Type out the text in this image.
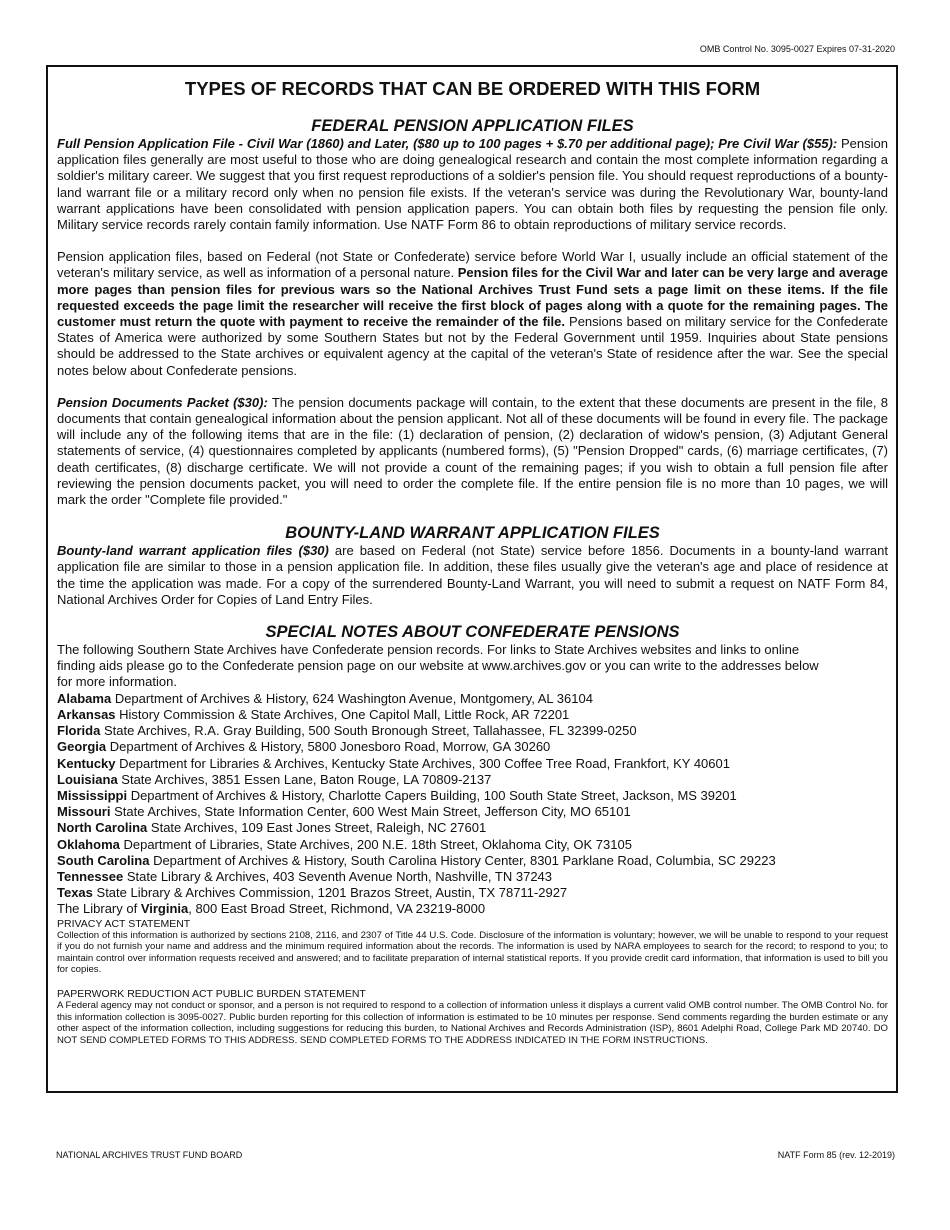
OMB Control No. 3095-0027 Expires 07-31-2020
TYPES OF RECORDS THAT CAN BE ORDERED WITH THIS FORM
FEDERAL PENSION APPLICATION FILES

Full Pension Application File - Civil War (1860) and Later, ($80 up to 100 pages + $.70 per additional page); Pre Civil War ($55): Pension application files generally are most useful to those who are doing genealogical research and contain the most complete information regarding a soldier's military career. We suggest that you first request reproductions of a soldier's pension file. You should request reproductions of a bounty-land warrant file or a military record only when no pension file exists. If the veteran's service was during the Revolutionary War, bounty-land warrant applications have been consolidated with pension application papers. You can obtain both files by requesting the pension file only. Military service records rarely contain family information. Use NATF Form 86 to obtain reproductions of military service records.

Pension application files, based on Federal (not State or Confederate) service before World War I, usually include an official statement of the veteran's military service, as well as information of a personal nature. Pension files for the Civil War and later can be very large and average more pages than pension files for previous wars so the National Archives Trust Fund sets a page limit on these items. If the file requested exceeds the page limit the researcher will receive the first block of pages along with a quote for the remaining pages. The customer must return the quote with payment to receive the remainder of the file. Pensions based on military service for the Confederate States of America were authorized by some Southern States but not by the Federal Government until 1959. Inquiries about State pensions should be addressed to the State archives or equivalent agency at the capital of the veteran's State of residence after the war. See the special notes below about Confederate pensions.

Pension Documents Packet ($30): The pension documents package will contain, to the extent that these documents are present in the file, 8 documents that contain genealogical information about the pension applicant. Not all of these documents will be found in every file. The package will include any of the following items that are in the file: (1) declaration of pension, (2) declaration of widow's pension, (3) Adjutant General statements of service, (4) questionnaires completed by applicants (numbered forms), (5) "Pension Dropped" cards, (6) marriage certificates, (7) death certificates, (8) discharge certificate. We will not provide a count of the remaining pages; if you wish to obtain a full pension file after reviewing the pension documents packet, you will need to order the complete file. If the entire pension file is no more than 10 pages, we will mark the order "Complete file provided."

BOUNTY-LAND WARRANT APPLICATION FILES

Bounty-land warrant application files ($30) are based on Federal (not State) service before 1856. Documents in a bounty-land warrant application file are similar to those in a pension application file. In addition, these files usually give the veteran's age and place of residence at the time the application was made. For a copy of the surrendered Bounty-Land Warrant, you will need to submit a request on NATF Form 84, National Archives Order for Copies of Land Entry Files.

SPECIAL NOTES ABOUT CONFEDERATE PENSIONS
The following Southern State Archives have Confederate pension records. For links to State Archives websites and links to online
finding aids please go to the Confederate pension page on our website at www.archives.gov or you can write to the addresses below
for more information.
Alabama Department of Archives & History, 624 Washington Avenue, Montgomery, AL 36104
Arkansas History Commission & State Archives, One Capitol Mall, Little Rock, AR 72201
Florida State Archives, R.A. Gray Building, 500 South Bronough Street, Tallahassee, FL 32399-0250
Georgia Department of Archives & History, 5800 Jonesboro Road, Morrow, GA 30260
Kentucky Department for Libraries & Archives, Kentucky State Archives, 300 Coffee Tree Road, Frankfort, KY 40601
Louisiana State Archives, 3851 Essen Lane, Baton Rouge, LA 70809-2137
Mississippi Department of Archives & History, Charlotte Capers Building, 100 South State Street, Jackson, MS 39201
Missouri State Archives, State Information Center, 600 West Main Street, Jefferson City, MO 65101
North Carolina State Archives, 109 East Jones Street, Raleigh, NC 27601
Oklahoma Department of Libraries, State Archives, 200 N.E. 18th Street, Oklahoma City, OK 73105
South Carolina Department of Archives & History, South Carolina History Center, 8301 Parklane Road, Columbia, SC 29223
Tennessee State Library & Archives, 403 Seventh Avenue North, Nashville, TN 37243
Texas State Library & Archives Commission, 1201 Brazos Street, Austin, TX 78711-2927
The Library of Virginia, 800 East Broad Street, Richmond, VA 23219-8000
PRIVACY ACT STATEMENT

Collection of this information is authorized by sections 2108, 2116, and 2307 of Title 44 U.S. Code. Disclosure of the information is voluntary; however, we will be unable to respond to your request if you do not furnish your name and address and the minimum required information about the records. The information is used by NARA employees to search for the record; to respond to you; to maintain control over information requests received and answered; and to facilitate preparation of internal statistical reports. If you provide credit card information, that information is used to bill you for copies.

PAPERWORK REDUCTION ACT PUBLIC BURDEN STATEMENT

A Federal agency may not conduct or sponsor, and a person is not required to respond to a collection of information unless it displays a current valid OMB control number. The OMB Control No. for this information collection is 3095-0027. Public burden reporting for this collection of information is estimated to be 10 minutes per response. Send comments regarding the burden estimate or any other aspect of the information collection, including suggestions for reducing this burden, to National Archives and Records Administration (ISP), 8601 Adelphi Road, College Park MD 20740. DO NOT SEND COMPLETED FORMS TO THIS ADDRESS. SEND COMPLETED FORMS TO THE ADDRESS INDICATED IN THE FORM INSTRUCTIONS.

NATIONAL ARCHIVES TRUST FUND BOARD	NATF Form 85 (rev. 12-2019)
